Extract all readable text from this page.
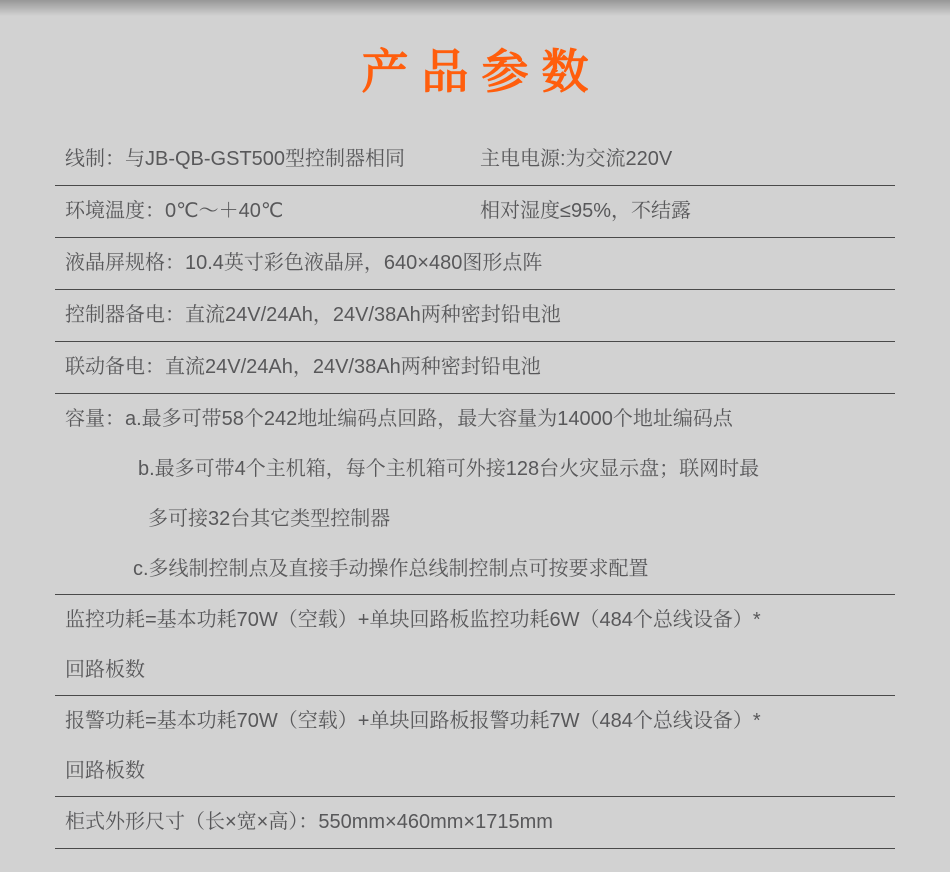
产品参数
线制：与JB-QB-GST500型控制器相同	主电电源:为交流220V
环境温度：0℃～＋40℃	相对湿度≤95%，不结露
液晶屏规格：10.4英寸彩色液晶屏，640×480图形点阵
控制器备电：直流24V/24Ah，24V/38Ah两种密封铅电池
联动备电：直流24V/24Ah，24V/38Ah两种密封铅电池
容量：a.最多可带58个242地址编码点回路，最大容量为14000个地址编码点
b.最多可带4个主机箱，每个主机箱可外接128台火灾显示盘；联网时最
多可接32台其它类型控制器
c.多线制控制点及直接手动操作总线制控制点可按要求配置
监控功耗=基本功耗70W（空载）+单块回路板监控功耗6W（484个总线设备）*
回路板数
报警功耗=基本功耗70W（空载）+单块回路板报警功耗7W（484个总线设备）*
回路板数
柜式外形尺寸（长×宽×高）：550mm×460mm×1715mm
